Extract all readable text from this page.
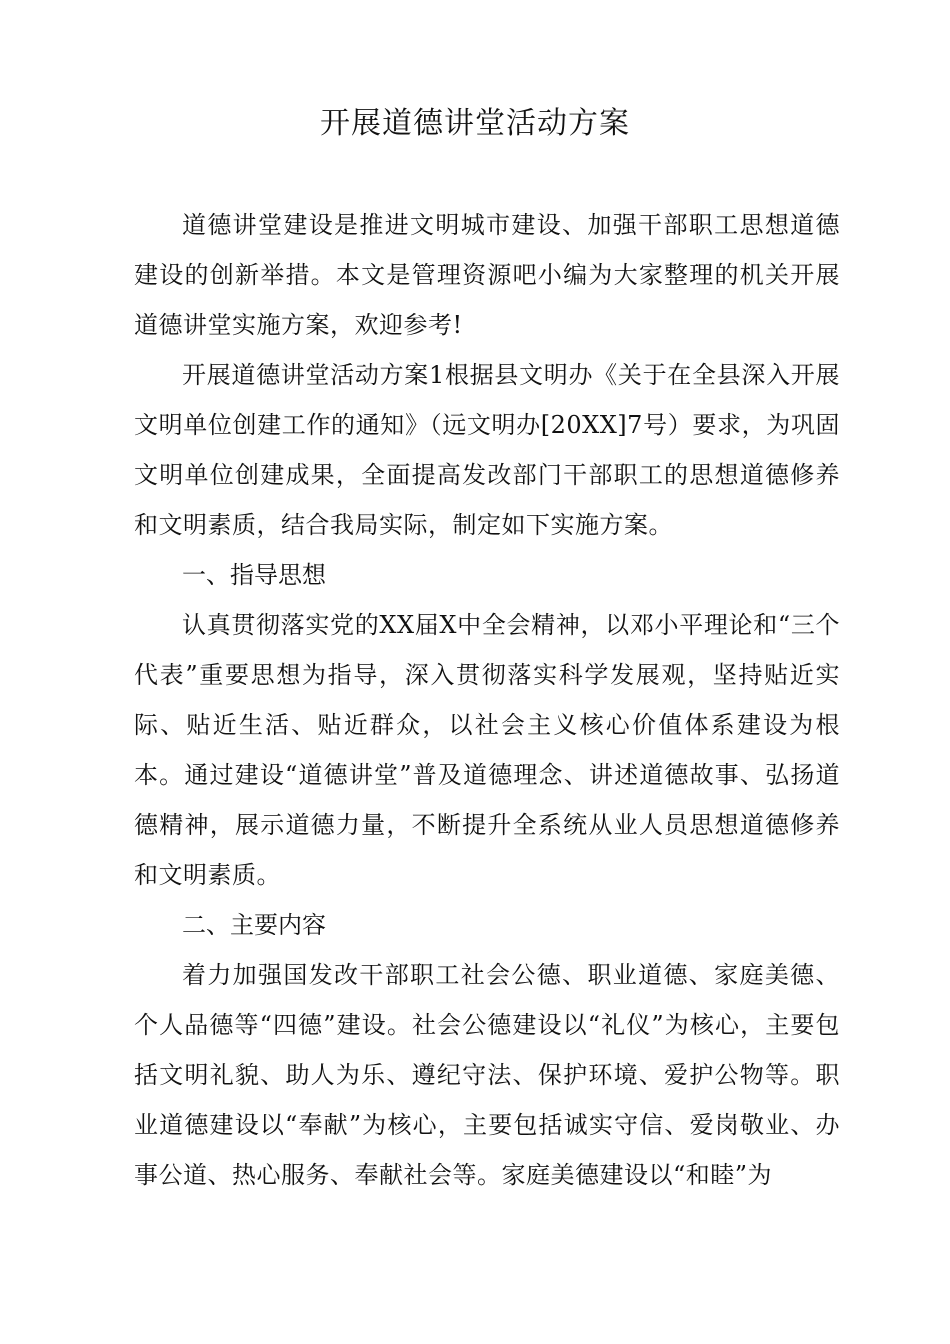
开展道德讲堂活动方案

道德讲堂建设是推进文明城市建设、加强干部职工思想道德建设的创新举措。本文是管理资源吧小编为大家整理的机关开展道德讲堂实施方案，欢迎参考!

开展道德讲堂活动方案1根据县文明办《关于在全县深入开展文明单位创建工作的通知》（远文明办[20XX]7号）要求，为巩固文明单位创建成果，全面提高发改部门干部职工的思想道德修养和文明素质，结合我局实际，制定如下实施方案。

一、指导思想

认真贯彻落实党的XX届X中全会精神，以邓小平理论和“三个代表”重要思想为指导，深入贯彻落实科学发展观，坚持贴近实际、贴近生活、贴近群众，以社会主义核心价值体系建设为根本。通过建设“道德讲堂”普及道德理念、讲述道德故事、弘扬道德精神，展示道德力量，不断提升全系统从业人员思想道德修养和文明素质。

二、主要内容

着力加强国发改干部职工社会公德、职业道德、家庭美德、个人品德等“四德”建设。社会公德建设以“礼仪”为核心，主要包括文明礼貌、助人为乐、遵纪守法、保护环境、爱护公物等。职业道德建设以“奉献”为核心，主要包括诚实守信、爱岗敬业、办事公道、热心服务、奉献社会等。家庭美德建设以“和睦”为
